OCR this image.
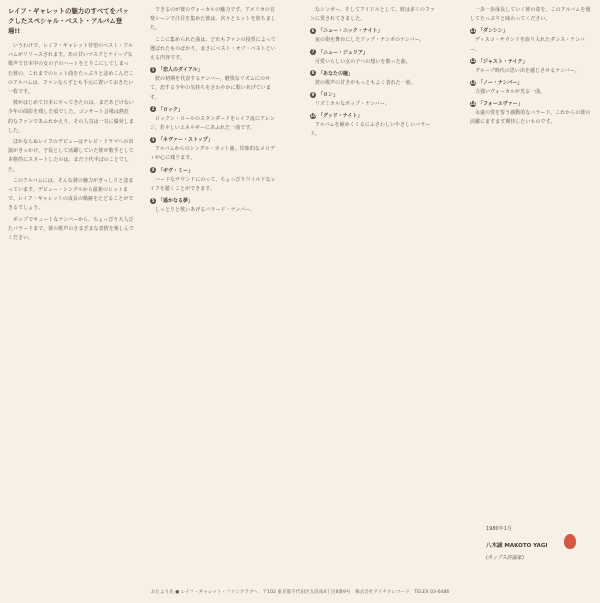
レイフ・ギャレットの魅力のすべてをパックしたスペシャル・ベスト・アルバム登場!!

いうわけで、レイフ・ギャレット待望のベスト・アルバムがリリースされます。あの甘いマスクとナイーブな歌声で日本中の女の子のハートをとりこにしてしまった彼の、これまでのヒット曲をたっぷりと詰めこんだこのアルバムは、ファンならずとも手元に置いておきたい一枚です。

彼がはじめて日本にやってきたのは、まだあどけない少年の面影を残した頃でした。コンサート会場は熱狂的なファンであふれかえり、その人気は一気に爆発しました。

ほかならぬレイフのデビューはテレビ・ドラマへの出演がきっかけ。子役として活躍していた彼が歌手として本格的にスタートしたのは、まだ十代半ばのことでした。

このアルバムには、そんな彼の魅力がぎっしりと詰まっています。デビュー・シングルから最新のヒットまで、レイフ・ギャレットの成長の軌跡をたどることができるでしょう。

ポップでキュートなナンバーから、ちょっぴり大人びたバラードまで、彼の歌声のさまざまな表情を楽しんでください。

できるのが彼のヴォーカルの魅力です。アメリカの音楽シーンで注目を集めた彼は、次々とヒットを放ちました。

ここに集められた曲は、どれもファンの投票によって選ばれたものばかり。まさにベスト・オブ・ベストといえる内容です。

1 「恋人のダイアル」

彼の初期を代表するナンバー。軽快なリズムにのせて、恋する少年の気持ちをさわやかに歌いあげています。

2 「ロック」

ロックン・ロールのスタンダードをレイフ流にアレンジ。若々しいエネルギーにあふれた一曲です。

3 「ネヴァー・ストップ」

アルバムからのシングル・カット曲。印象的なメロディが心に残ります。

4 「ギヴ・ミー」

ハードなサウンドにのって、ちょっぴりワイルドなレイフを聴くことができます。

5 「遥かなる夢」

しっとりと歌いあげるバラード・ナンバー。

なシンガー、そしてアイドルとして、彼は多くのファンに愛されてきました。

6 「ニュー・ニック・ナイト」

夜の街を舞台にしたアップ・テンポのナンバー。

7 「ニュー・ジュリア」

可愛いらしい女の子への想いを歌った曲。

8 「あなたの瞳」

彼の歌声の甘さがもっともよく表れた一曲。

9 「ロン」

リズミカルなポップ・ナンバー。

10 「グッド・ナイト」

アルバムを締めくくるにふさわしいやさしいバラード。

一歩一歩成長していく彼の姿を、このアルバムを通してたっぷりと味わってください。

11 「ダンシン」

ディスコ・サウンドを取り入れたダンス・ナンバー。

12 「ジャスト・テイク」

グループ時代の思い出を感じさせるナンバー。

13 「ノー・ナンバー」

力強いヴォーカルが光る一曲。

14 「フォーエヴァー」

永遠の愛を誓う感動的なバラード。これからの彼の活躍にますます期待したいものです。

1980年1月
八木誠 MAKOTO YAGI
(ポップス評論家)
おたより先 ● レイフ・ギャレット・ファンクラブへ　〒102 東京都千代田区九段南4丁目8番9号　株式会社テイチクレコード　TELEX 03-6486
